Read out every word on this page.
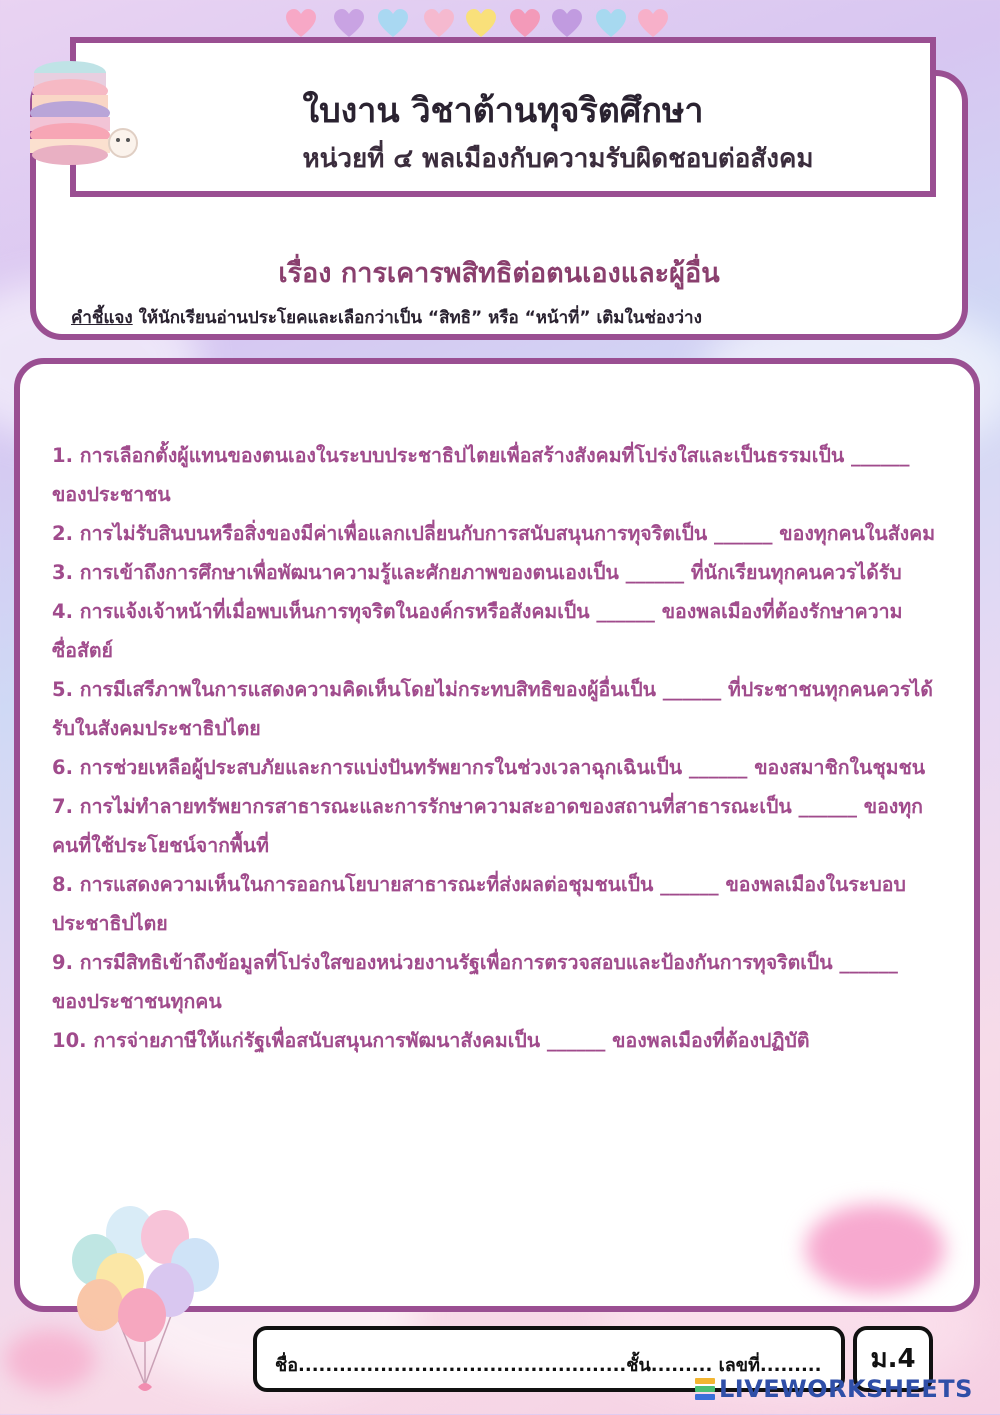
เรื่อง การเคารพสิทธิต่อตนเองและผู้อื่น
คำชี้แจง ให้นักเรียนอ่านประโยคและเลือกว่าเป็น “สิทธิ” หรือ “หน้าที่” เติมในช่องว่าง
ใบงาน วิชาต้านทุจริตศึกษา
หน่วยที่ ๔ พลเมืองกับความรับผิดชอบต่อสังคม
1. การเลือกตั้งผู้แทนของตนเองในระบบประชาธิปไตยเพื่อสร้างสังคมที่โปร่งใสและเป็นธรรมเป็น ______ ของประชาชน
2. การไม่รับสินบนหรือสิ่งของมีค่าเพื่อแลกเปลี่ยนกับการสนับสนุนการทุจริตเป็น ______ ของทุกคนในสังคม
3. การเข้าถึงการศึกษาเพื่อพัฒนาความรู้และศักยภาพของตนเองเป็น ______ ที่นักเรียนทุกคนควรได้รับ
4. การแจ้งเจ้าหน้าที่เมื่อพบเห็นการทุจริตในองค์กรหรือสังคมเป็น ______ ของพลเมืองที่ต้องรักษาความซื่อสัตย์
5. การมีเสรีภาพในการแสดงความคิดเห็นโดยไม่กระทบสิทธิของผู้อื่นเป็น ______ ที่ประชาชนทุกคนควรได้รับในสังคมประชาธิปไตย
6. การช่วยเหลือผู้ประสบภัยและการแบ่งปันทรัพยากรในช่วงเวลาฉุกเฉินเป็น ______ ของสมาชิกในชุมชน
7. การไม่ทำลายทรัพยากรสาธารณะและการรักษาความสะอาดของสถานที่สาธารณะเป็น ______ ของทุกคนที่ใช้ประโยชน์จากพื้นที่
8. การแสดงความเห็นในการออกนโยบายสาธารณะที่ส่งผลต่อชุมชนเป็น ______ ของพลเมืองในระบอบประชาธิปไตย
9. การมีสิทธิเข้าถึงข้อมูลที่โปร่งใสของหน่วยงานรัฐเพื่อการตรวจสอบและป้องกันการทุจริตเป็น ______ ของประชาชนทุกคน
10. การจ่ายภาษีให้แก่รัฐเพื่อสนับสนุนการพัฒนาสังคมเป็น ______ ของพลเมืองที่ต้องปฏิบัติ
ชื่อ................................................ชั้น......... เลขที่.........	ม.4
LIVEWORKSHEETS
